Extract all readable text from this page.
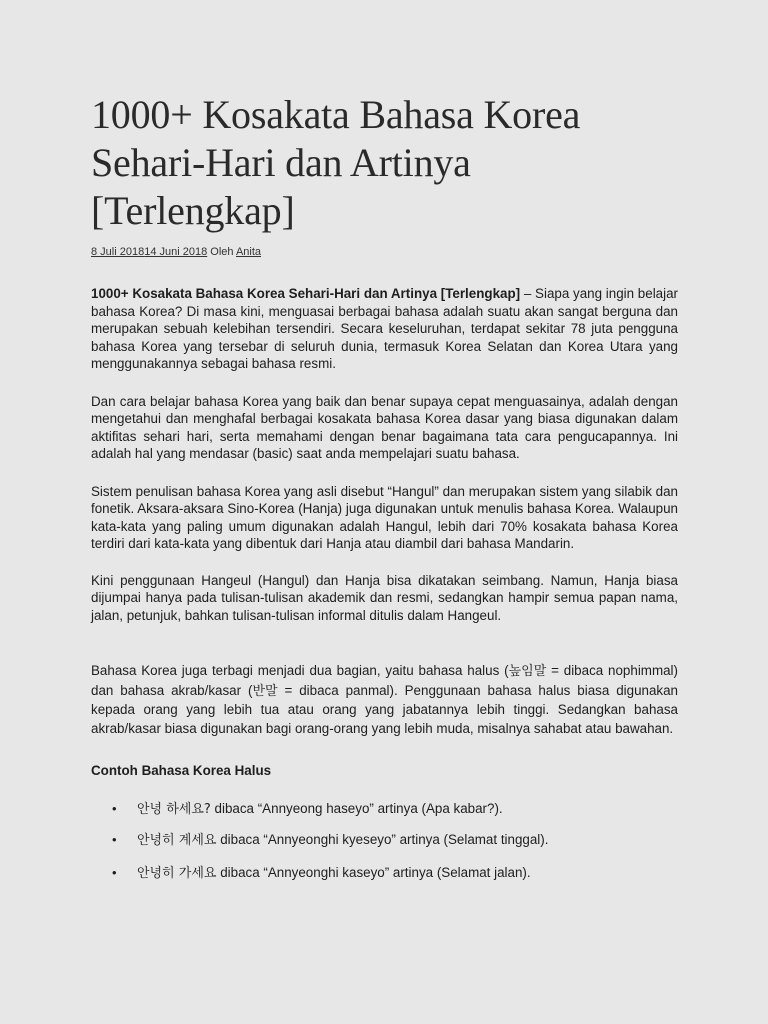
1000+ Kosakata Bahasa Korea Sehari-Hari dan Artinya [Terlengkap]
8 Juli 201814 Juni 2018 Oleh Anita

1000+ Kosakata Bahasa Korea Sehari-Hari dan Artinya [Terlengkap] – Siapa yang ingin belajar bahasa Korea? Di masa kini, menguasai berbagai bahasa adalah suatu akan sangat berguna dan merupakan sebuah kelebihan tersendiri. Secara keseluruhan, terdapat sekitar 78 juta pengguna bahasa Korea yang tersebar di seluruh dunia, termasuk Korea Selatan dan Korea Utara yang menggunakannya sebagai bahasa resmi.

Dan cara belajar bahasa Korea yang baik dan benar supaya cepat menguasainya, adalah dengan mengetahui dan menghafal berbagai kosakata bahasa Korea dasar yang biasa digunakan dalam aktifitas sehari hari, serta memahami dengan benar bagaimana tata cara pengucapannya. Ini adalah hal yang mendasar (basic) saat anda mempelajari suatu bahasa.

Sistem penulisan bahasa Korea yang asli disebut “Hangul” dan merupakan sistem yang silabik dan fonetik. Aksara-aksara Sino-Korea (Hanja) juga digunakan untuk menulis bahasa Korea. Walaupun kata-kata yang paling umum digunakan adalah Hangul, lebih dari 70% kosakata bahasa Korea terdiri dari kata-kata yang dibentuk dari Hanja atau diambil dari bahasa Mandarin.

Kini penggunaan Hangeul (Hangul) dan Hanja bisa dikatakan seimbang. Namun, Hanja biasa dijumpai hanya pada tulisan-tulisan akademik dan resmi, sedangkan hampir semua papan nama, jalan, petunjuk, bahkan tulisan-tulisan informal ditulis dalam Hangeul.

Bahasa Korea juga terbagi menjadi dua bagian, yaitu bahasa halus (높임말 = dibaca nophimmal) dan bahasa akrab/kasar (반말 = dibaca panmal). Penggunaan bahasa halus biasa digunakan kepada orang yang lebih tua atau orang yang jabatannya lebih tinggi. Sedangkan bahasa akrab/kasar biasa digunakan bagi orang-orang yang lebih muda, misalnya sahabat atau bawahan.

Contoh Bahasa Korea Halus

• 안녕 하세요? dibaca “Annyeong haseyo” artinya (Apa kabar?).
• 안녕히 계세요 dibaca “Annyeonghi kyeseyo” artinya (Selamat tinggal).
• 안녕히 가세요 dibaca “Annyeonghi kaseyo” artinya (Selamat jalan).
